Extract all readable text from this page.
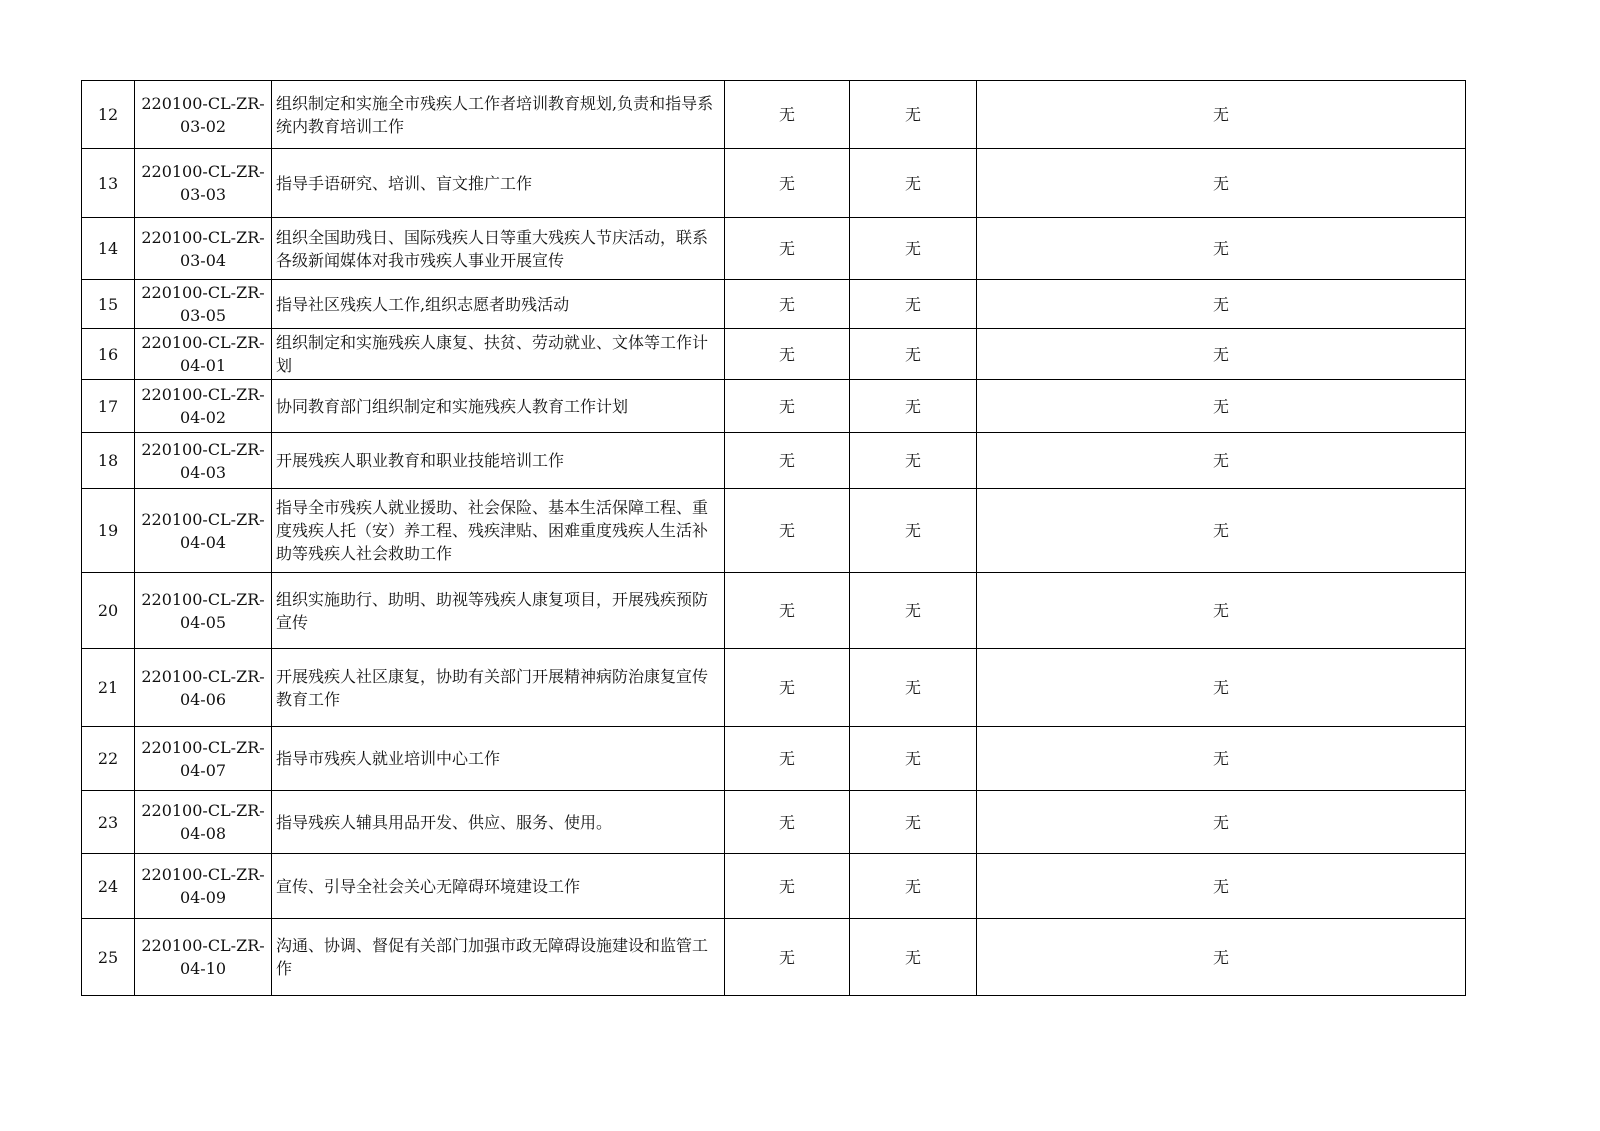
12	220100-CL-ZR-03-02	组织制定和实施全市残疾人工作者培训教育规划,负责和指导系统内教育培训工作	无	无	无
13	220100-CL-ZR-03-03	指导手语研究、培训、盲文推广工作	无	无	无
14	220100-CL-ZR-03-04	组织全国助残日、国际残疾人日等重大残疾人节庆活动，联系各级新闻媒体对我市残疾人事业开展宣传	无	无	无
15	220100-CL-ZR-03-05	指导社区残疾人工作,组织志愿者助残活动	无	无	无
16	220100-CL-ZR-04-01	组织制定和实施残疾人康复、扶贫、劳动就业、文体等工作计划	无	无	无
17	220100-CL-ZR-04-02	协同教育部门组织制定和实施残疾人教育工作计划	无	无	无
18	220100-CL-ZR-04-03	开展残疾人职业教育和职业技能培训工作	无	无	无
19	220100-CL-ZR-04-04	指导全市残疾人就业援助、社会保险、基本生活保障工程、重度残疾人托（安）养工程、残疾津贴、困难重度残疾人生活补助等残疾人社会救助工作	无	无	无
20	220100-CL-ZR-04-05	组织实施助行、助明、助视等残疾人康复项目，开展残疾预防宣传	无	无	无
21	220100-CL-ZR-04-06	开展残疾人社区康复，协助有关部门开展精神病防治康复宣传教育工作	无	无	无
22	220100-CL-ZR-04-07	指导市残疾人就业培训中心工作	无	无	无
23	220100-CL-ZR-04-08	指导残疾人辅具用品开发、供应、服务、使用。	无	无	无
24	220100-CL-ZR-04-09	宣传、引导全社会关心无障碍环境建设工作	无	无	无
25	220100-CL-ZR-04-10	沟通、协调、督促有关部门加强市政无障碍设施建设和监管工作	无	无	无
